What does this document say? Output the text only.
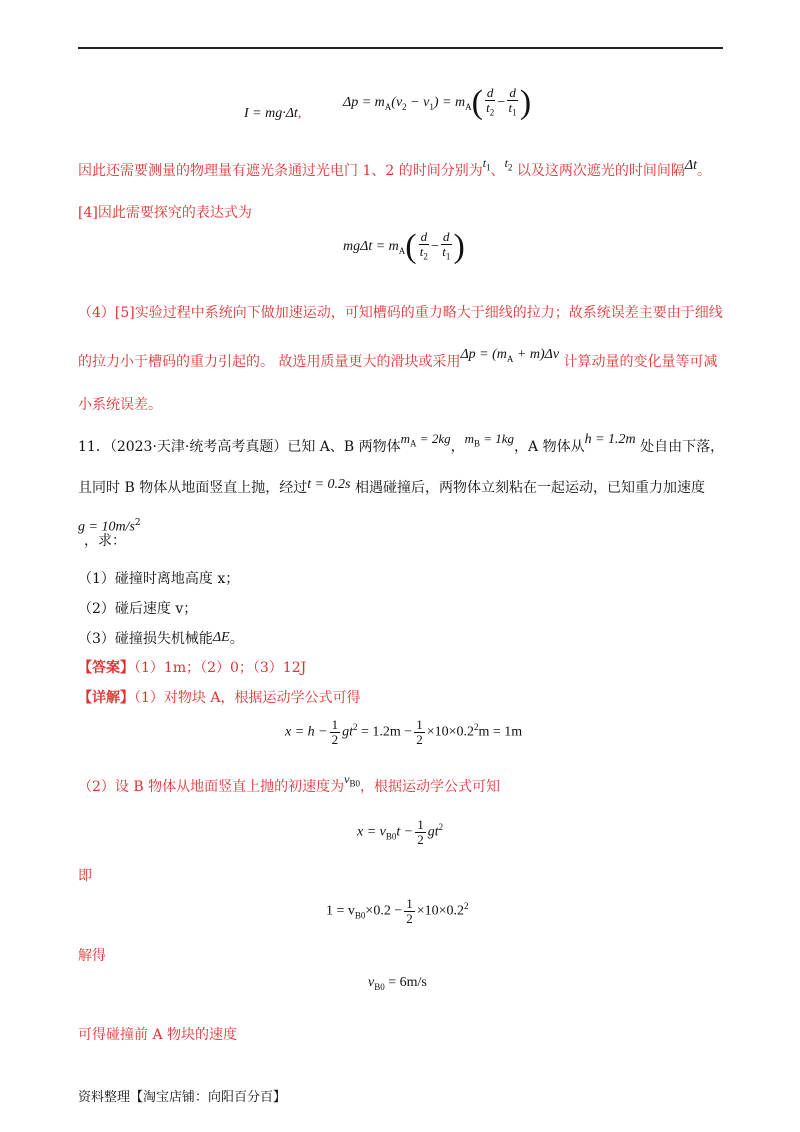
I = mg·Δt,
$\Delta p = m_A(v_2 - v_1) = m_A( \frac{d}{t_2} - \frac{d}{t_1}$ )
因此还需要测量的物理量有遮光条通过光电门 1、2 的时间分别为$t_1$、$t_2$ 以及这两次遮光的时间间隔Δt。
[4]因此需要探究的表达式为
$mg\Delta t = m_A( \frac{d}{t_2} - \frac{d}{t_1}$ )
（4）[5]实验过程中系统向下做加速运动，可知槽码的重力略大于细线的拉力；故系统误差主要由于细线
的拉力小于槽码的重力引起的。 故选用质量更大的滑块或采用$\Delta p = (m_A + m)\Delta v$ 计算动量的变化量等可减
小系统误差。
11．（2023·天津·统考高考真题）已知 A、B 两物体$m_A = 2kg$，$m_B = 1kg$，A 物体从h = 1.2m 处自由下落，
且同时 B 物体从地面竖直上抛，经过t = 0.2s 相遇碰撞后，两物体立刻粘在一起运动，已知重力加速度
$g = 10m/s^2$
，求：
（1）碰撞时离地高度 x；
（2）碰后速度 v；
（3）碰撞损失机械能ΔE。
【答案】（1）1m；（2）0；（3）12J
【详解】（1）对物块 A，根据运动学公式可得
$x = h - \frac{1}{2} gt^2 = 1.2m - \frac{1}{2} \times 10\times 0.2^2m = 1m$
（2）设 B 物体从地面竖直上抛的初速度为$v_{B0}$，根据运动学公式可知
$x = v_{B0}t - \frac{1}{2} gt^2$
即
$1 = v_{B0}\times 0.2 - \frac{1}{2} \times 10\times 0.2^2$
解得
$v_{B0} = 6m/s$
可得碰撞前 A 物块的速度
资料整理【淘宝店铺：向阳百分百】
